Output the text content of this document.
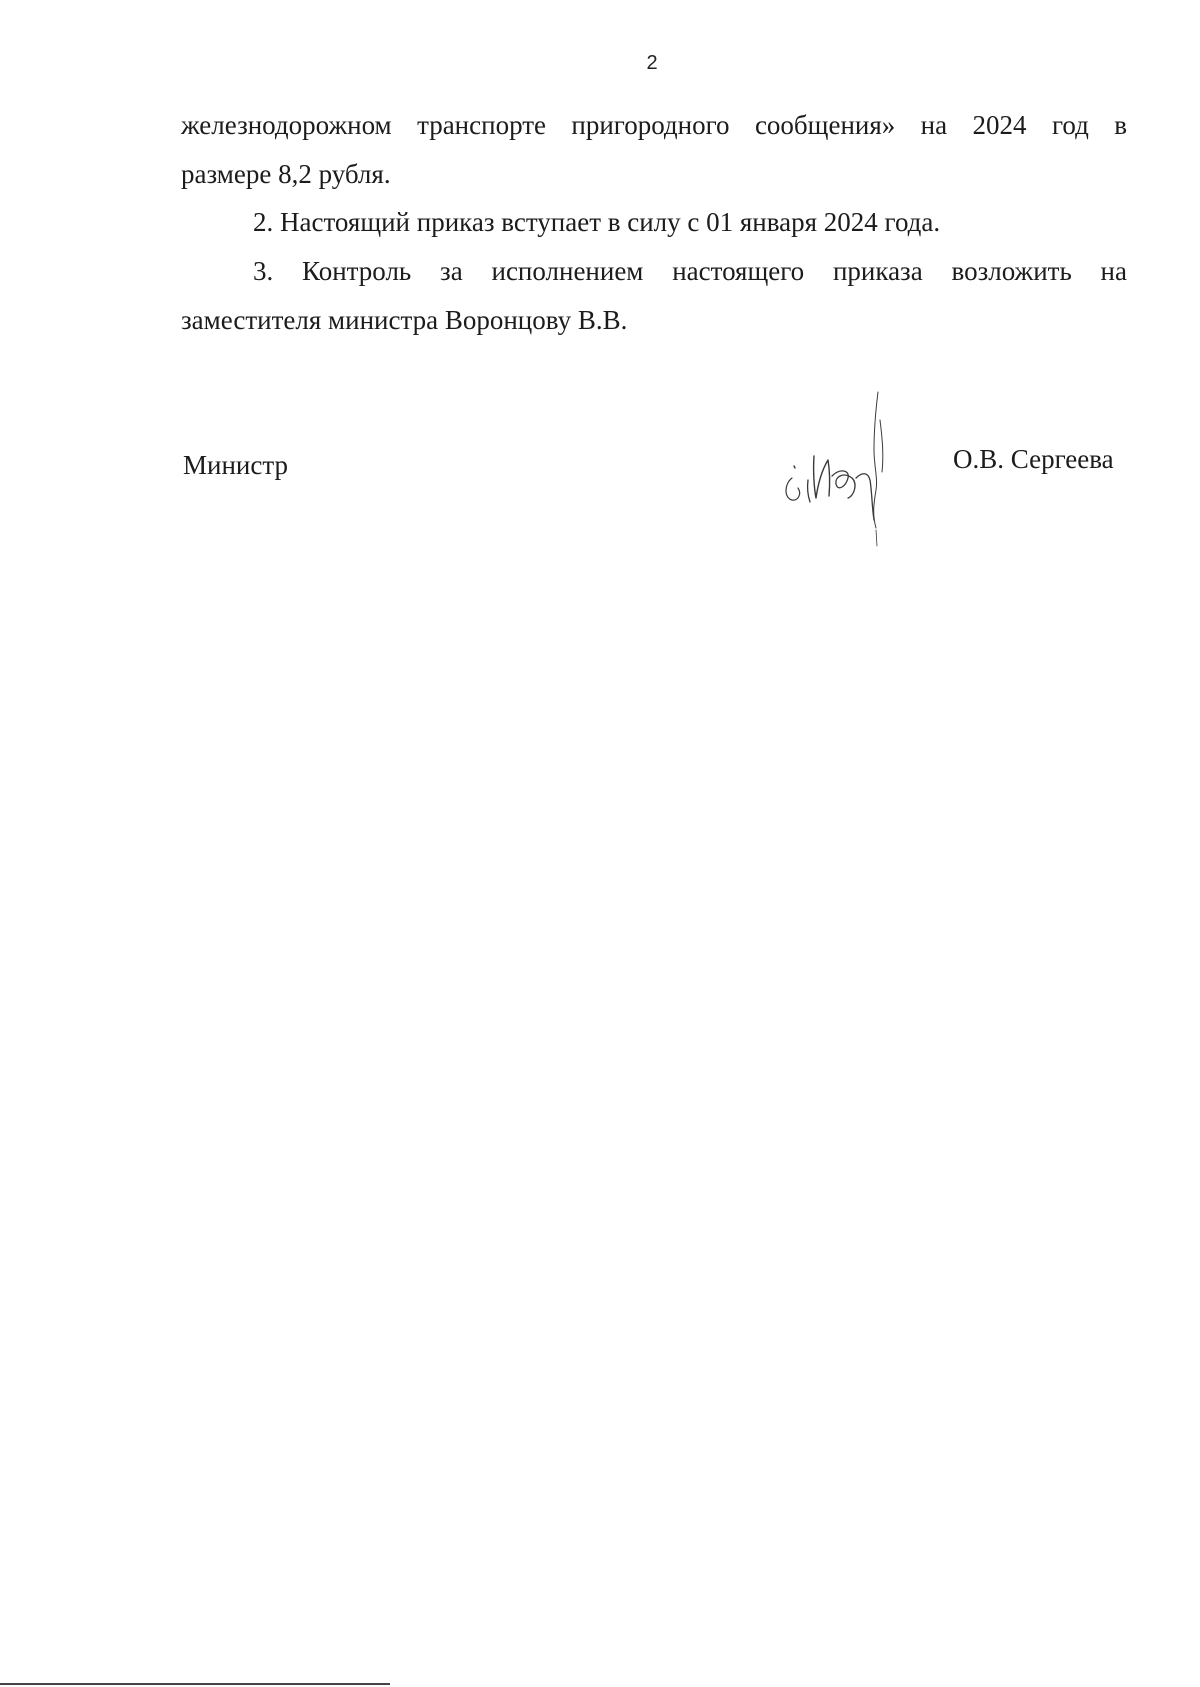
2
железнодорожном транспорте пригородного сообщения» на 2024 год в
размере 8,2 рубля.
2. Настоящий приказ вступает в силу с 01 января 2024 года.
3. Контроль за исполнением настоящего приказа возложить на
заместителя министра Воронцову В.В.
Министр	О.В. Сергеева
